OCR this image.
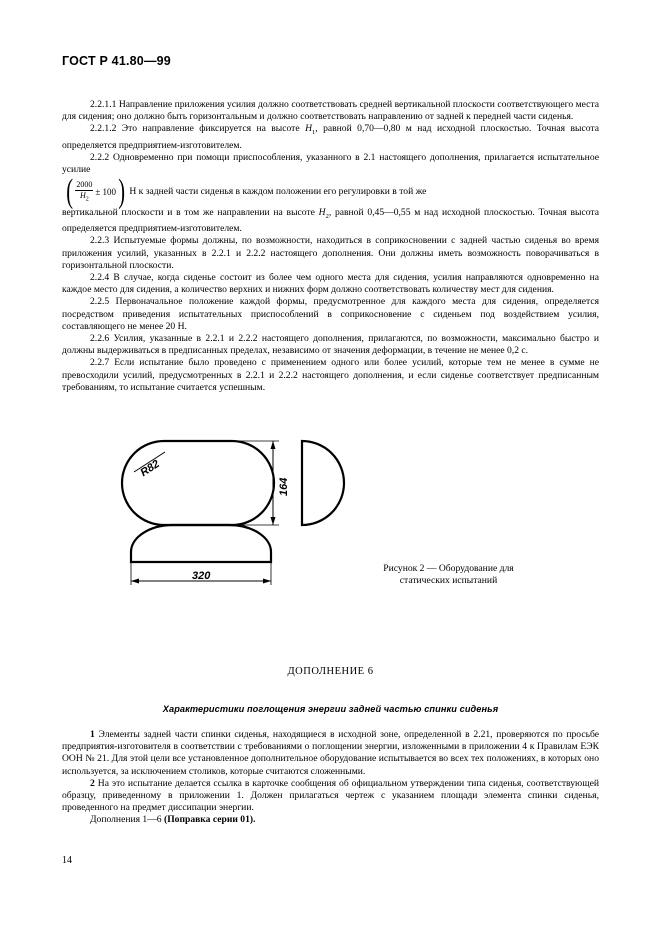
ГОСТ Р 41.80—99

2.2.1.1 Направление приложения усилия должно соответствовать средней вертикальной плоскости соответствующего места для сидения; оно должно быть горизонтальным и должно соответствовать направлению от задней к передней части сиденья.

2.2.1.2 Это направление фиксируется на высоте $H_1$, равной 0,70—0,80 м над исходной плоскостью. Точная высота определяется предприятием-изготовителем.

2.2.2 Одновременно при помощи приспособления, указанного в 2.1 настоящего дополнения, прилагается испытательное усилие

( $\frac{2000}{H_2} \pm 100$ ) Н к задней части сиденья в каждом положении его регулировки в той же

вертикальной плоскости и в том же направлении на высоте $H_2$, равной 0,45—0,55 м над исходной плоскостью. Точная высота определяется предприятием-изготовителем.

2.2.3 Испытуемые формы должны, по возможности, находиться в соприкосновении с задней частью сиденья во время приложения усилий, указанных в 2.2.1 и 2.2.2 настоящего дополнения. Они должны иметь возможность поворачиваться в горизонтальной плоскости.

2.2.4 В случае, когда сиденье состоит из более чем одного места для сидения, усилия направляются одновременно на каждое место для сидения, а количество верхних и нижних форм должно соответствовать количеству мест для сидения.

2.2.5 Первоначальное положение каждой формы, предусмотренное для каждого места для сидения, определяется посредством приведения испытательных приспособлений в соприкосновение с сиденьем под воздействием усилия, составляющего не менее 20 Н.

2.2.6 Усилия, указанные в 2.2.1 и 2.2.2 настоящего дополнения, прилагаются, по возможности, максимально быстро и должны выдерживаться в предписанных пределах, независимо от значения деформации, в течение не менее 0,2 с.

2.2.7 Если испытание было проведено с применением одного или более усилий, которые тем не менее в сумме не превосходили усилий, предусмотренных в 2.2.1 и 2.2.2 настоящего дополнения, и если сиденье соответствует предписанным требованиям, то испытание считается успешным.

R82
164
320
Рисунок 2 — Оборудование для
статических испытаний
ДОПОЛНЕНИЕ 6
Характеристики поглощения энергии задней частью спинки сиденья

1 Элементы задней части спинки сиденья, находящиеся в исходной зоне, определенной в 2.21, проверяются по просьбе предприятия-изготовителя в соответствии с требованиями о поглощении энергии, изложенными в приложении 4 к Правилам ЕЭК ООН № 21. Для этой цели все установленное дополнительное оборудование испытывается во всех тех положениях, в которых оно используется, за исключением столиков, которые считаются сложенными.

2 На это испытание делается ссылка в карточке сообщения об официальном утверждении типа сиденья, соответствующей образцу, приведенному в приложении 1. Должен прилагаться чертеж с указанием площади элемента спинки сиденья, проведенного на предмет диссипации энергии.

Дополнения 1—6 (Поправка серии 01).

14
